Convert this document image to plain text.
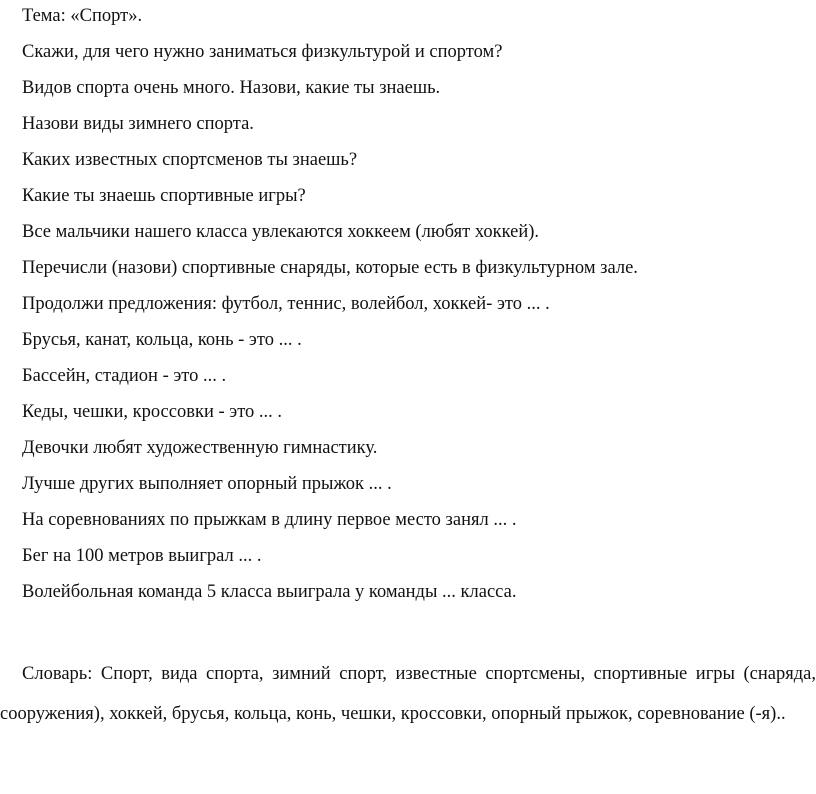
Тема: «Спорт».
Скажи, для чего нужно заниматься физкультурой и спортом?
Видов спорта очень много. Назови, какие ты знаешь.
Назови виды зимнего спорта.
Каких известных спортсменов ты знаешь?
Какие ты знаешь спортивные игры?
Все мальчики нашего класса увлекаются хоккеем (любят хоккей).
Перечисли (назови) спортивные снаряды, которые есть в физкультурном зале.
Продолжи предложения: футбол, теннис, волейбол, хоккей- это ... .
Брусья, канат, кольца, конь - это ... .
Бассейн, стадион - это ... .
Кеды, чешки, кроссовки - это ... .
Девочки любят художественную гимнастику.
Лучше других выполняет опорный прыжок ... .
На соревнованиях по прыжкам в длину первое место занял ... .
Бег на 100 метров выиграл ... .
Волейбольная команда 5 класса выиграла у команды ... класса.

Словарь: Спорт, вида спорта, зимний спорт, известные спортсмены, спортивные игры (снаряда, сооружения), хоккей, брусья, кольца, конь, чешки, кроссовки, опорный прыжок, соревнование (-я)..
